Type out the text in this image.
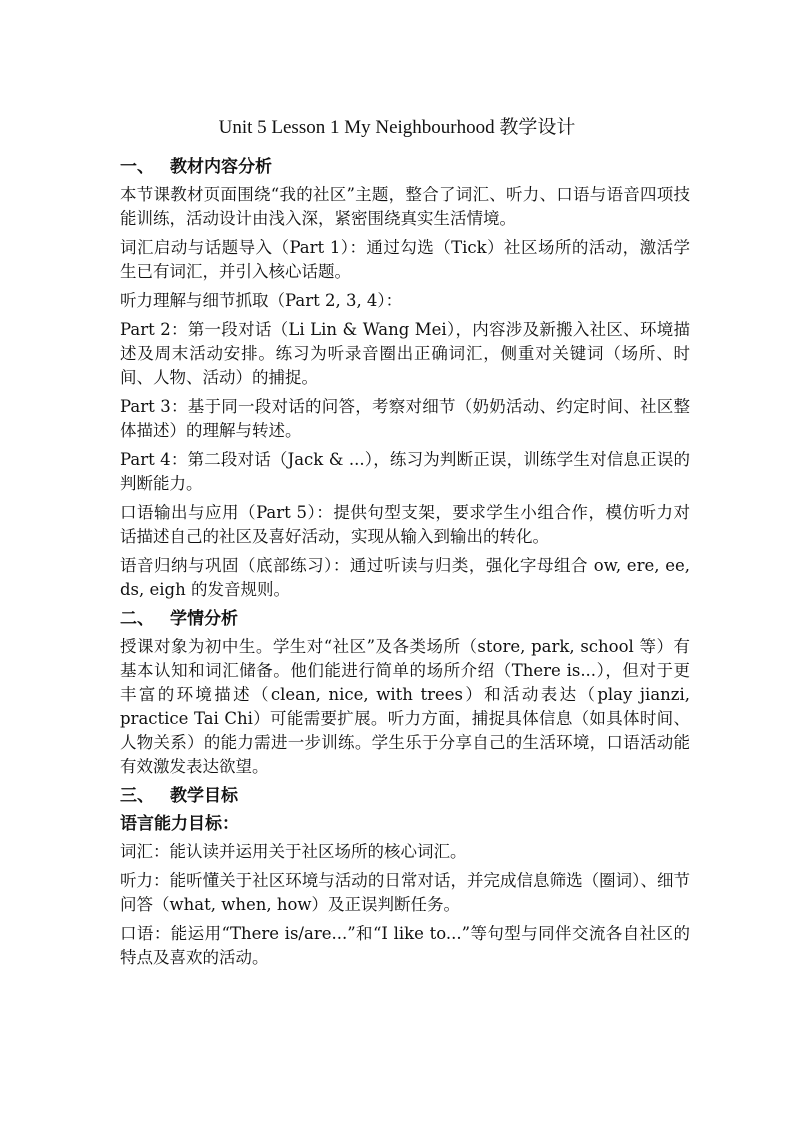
Unit 5 Lesson 1 My Neighbourhood 教学设计
一、 教材内容分析
本节课教材页面围绕“我的社区”主题，整合了词汇、听力、口语与语音四项技能训练，活动设计由浅入深，紧密围绕真实生活情境。
词汇启动与话题导入（Part 1）：通过勾选（Tick）社区场所的活动，激活学生已有词汇，并引入核心话题。
听力理解与细节抓取（Part 2, 3, 4）：
Part 2：第一段对话（Li Lin & Wang Mei），内容涉及新搬入社区、环境描述及周末活动安排。练习为听录音圈出正确词汇，侧重对关键词（场所、时间、人物、活动）的捕捉。
Part 3：基于同一段对话的问答，考察对细节（奶奶活动、约定时间、社区整体描述）的理解与转述。
Part 4：第二段对话（Jack & ...），练习为判断正误，训练学生对信息正误的判断能力。
口语输出与应用（Part 5）：提供句型支架，要求学生小组合作，模仿听力对话描述自己的社区及喜好活动，实现从输入到输出的转化。
语音归纳与巩固（底部练习）：通过听读与归类，强化字母组合 ow, ere, ee, ds, eigh 的发音规则。
二、 学情分析
授课对象为初中生。学生对“社区”及各类场所（store, park, school 等）有基本认知和词汇储备。他们能进行简单的场所介绍（There is...），但对于更丰富的环境描述（clean, nice, with trees）和活动表达（play jianzi, practice Tai Chi）可能需要扩展。听力方面，捕捉具体信息（如具体时间、人物关系）的能力需进一步训练。学生乐于分享自己的生活环境，口语活动能有效激发表达欲望。
三、 教学目标
语言能力目标：
词汇：能认读并运用关于社区场所的核心词汇。
听力：能听懂关于社区环境与活动的日常对话，并完成信息筛选（圈词）、细节问答（what, when, how）及正误判断任务。
口语：能运用“There is/are...”和“I like to...”等句型与同伴交流各自社区的特点及喜欢的活动。
